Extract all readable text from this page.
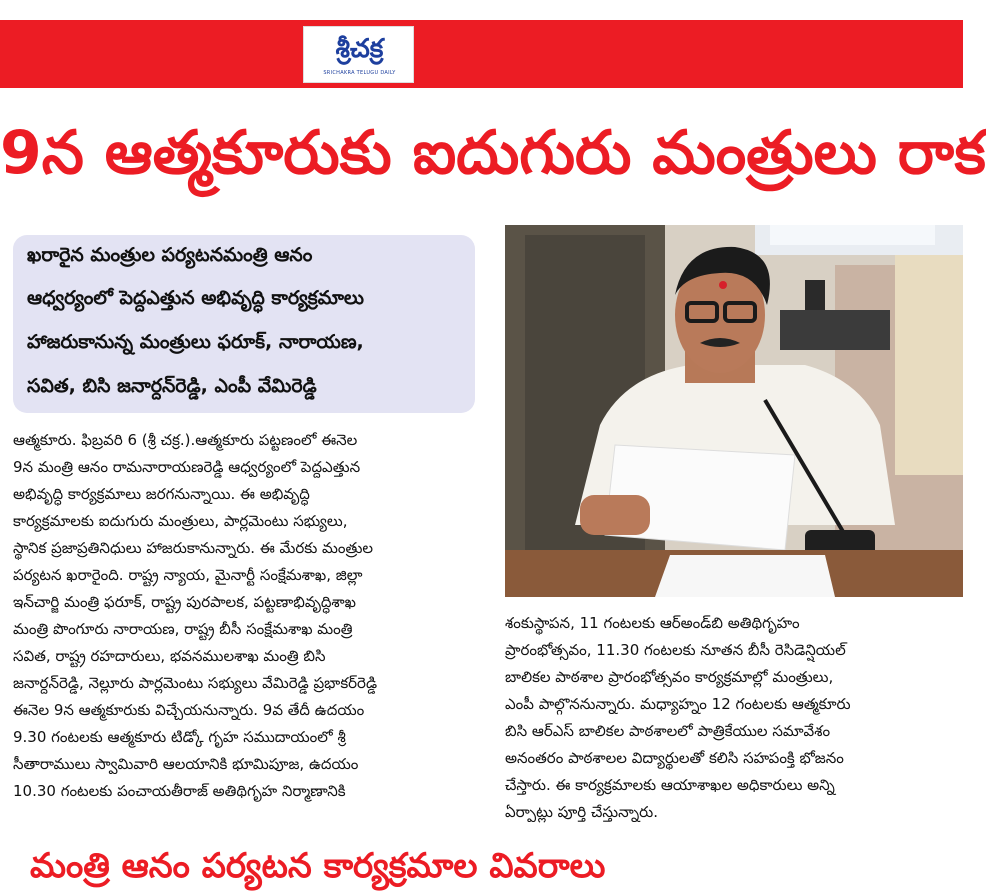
శ్రీచక్ర
SRICHAKRA TELUGU DAILY
9న ఆత్మకూరుకు ఐదుగురు మంత్రులు రాక
ఖరారైన మంత్రుల పర్యటనమంత్రి ఆనం
ఆధ్వర్యంలో పెద్దఎత్తున అభివృద్ధి కార్యక్రమాలు
హాజరుకానున్న మంత్రులు ఫరూక్, నారాయణ,
సవిత, బిసి జనార్దన్‌రెడ్డి, ఎంపీ వేమిరెడ్డి
ఆత్మకూరు. ఫిబ్రవరి 6 (శ్రీ చక్ర.).ఆత్మకూరు పట్టణంలో ఈనెల
9న మంత్రి ఆనం రామనారాయణరెడ్డి ఆధ్వర్యంలో పెద్దఎత్తున
అభివృద్ధి కార్యక్రమాలు జరగనున్నాయి. ఈ అభివృద్ధి
కార్యక్రమాలకు ఐదుగురు మంత్రులు, పార్లమెంటు సభ్యులు,
స్థానిక ప్రజాప్రతినిధులు హాజరుకానున్నారు. ఈ మేరకు మంత్రుల
పర్యటన ఖరారైంది. రాష్ట్ర న్యాయ, మైనార్టీ సంక్షేమశాఖ, జిల్లా
ఇన్‌చార్జి మంత్రి ఫరూక్, రాష్ట్ర పురపాలక, పట్టణాభివృద్ధిశాఖ
మంత్రి పొంగూరు నారాయణ, రాష్ట్ర బీసీ సంక్షేమశాఖ మంత్రి
సవిత, రాష్ట్ర రహదారులు, భవనములశాఖ మంత్రి బిసి
జనార్దన్‌రెడ్డి, నెల్లూరు పార్లమెంటు సభ్యులు వేమిరెడ్డి ప్రభాకర్‌రెడ్డి
ఈనెల 9న ఆత్మకూరుకు విచ్చేయనున్నారు. 9వ తేదీ ఉదయం
9.30 గంటలకు ఆత్మకూరు టిడ్కో గృహ సముదాయంలో శ్రీ
సీతారాములు స్వామివారి ఆలయానికి భూమిపూజ, ఉదయం
10.30 గంటలకు పంచాయతీరాజ్ అతిథిగృహ నిర్మాణానికి
శంకుస్థాపన, 11 గంటలకు ఆర్‌అండ్‌బి అతిథిగృహం
ప్రారంభోత్సవం, 11.30 గంటలకు నూతన బీసీ రెసిడెన్షియల్
బాలికల పాఠశాల ప్రారంభోత్సవం కార్యక్రమాల్లో మంత్రులు,
ఎంపీ పాల్గొననున్నారు. మధ్యాహ్నం 12 గంటలకు ఆత్మకూరు
బిసి ఆర్ఎస్ బాలికల పాఠశాలలో పాత్రికేయుల సమావేశం
అనంతరం పాఠశాలల విద్యార్థులతో కలిసి సహపంక్తి భోజనం
చేస్తారు. ఈ కార్యక్రమాలకు ఆయాశాఖల అధికారులు అన్ని
ఏర్పాట్లు పూర్తి చేస్తున్నారు.
మంత్రి ఆనం పర్యటన కార్యక్రమాల వివరాలు
